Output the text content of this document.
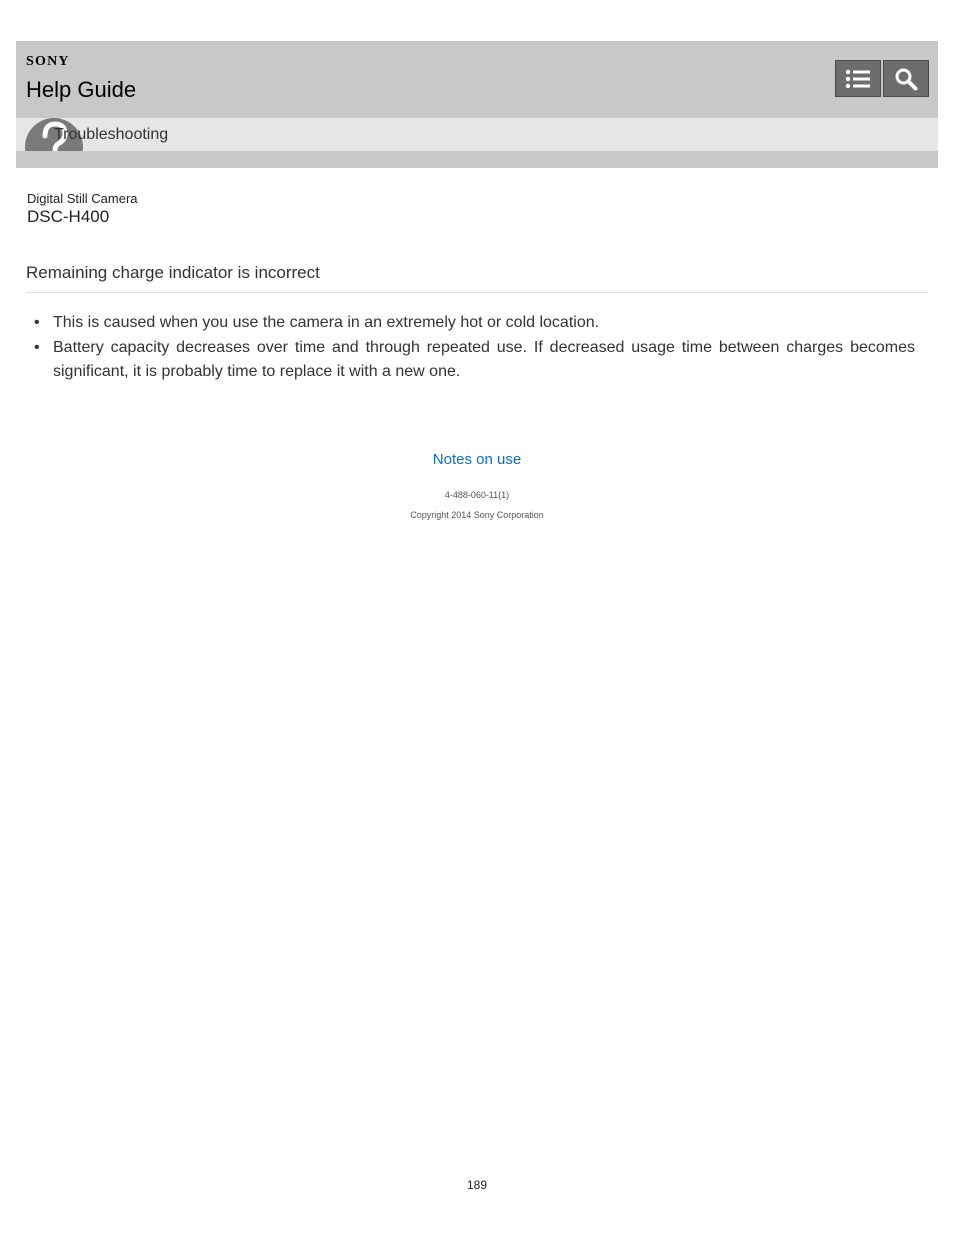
SONY
Help Guide
Troubleshooting
Digital Still Camera
DSC-H400
Remaining charge indicator is incorrect
• This is caused when you use the camera in an extremely hot or cold location.
• Battery capacity decreases over time and through repeated use. If decreased usage time between charges becomes significant, it is probably time to replace it with a new one.
Notes on use
4-488-060-11(1)
Copyright 2014 Sony Corporation
189
